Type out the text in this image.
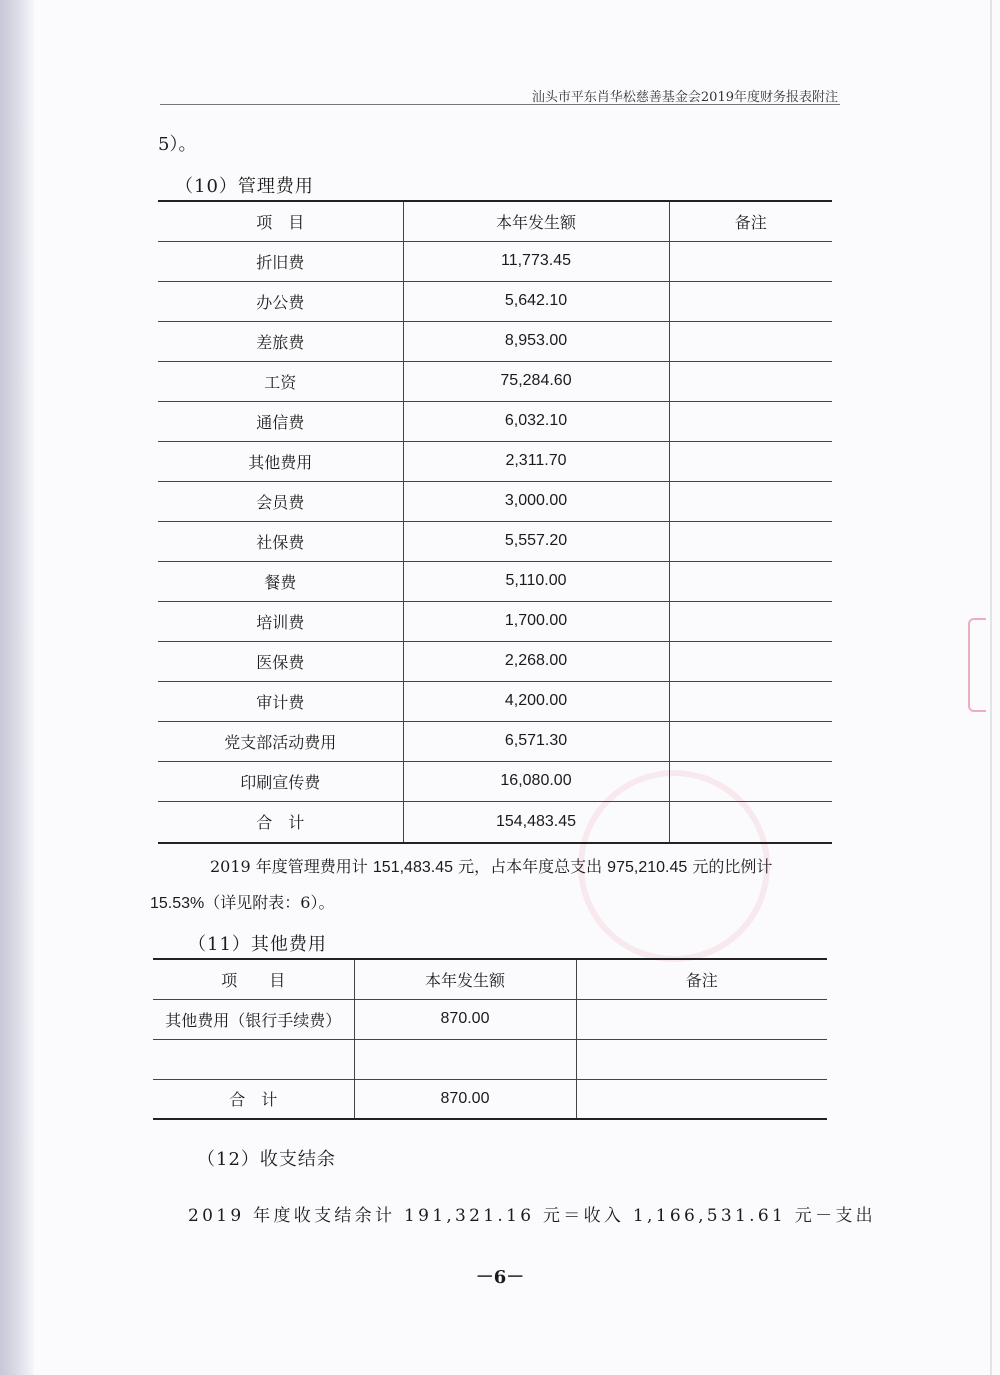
汕头市平东肖华松慈善基金会2019年度财务报表附注
5）。
（10）管理费用
项　目	本年发生额	备注
折旧费	11,773.45	
办公费	5,642.10	
差旅费	8,953.00	
工资	75,284.60	
通信费	6,032.10	
其他费用	2,311.70	
会员费	3,000.00	
社保费	5,557.20	
餐费	5,110.00	
培训费	1,700.00	
医保费	2,268.00	
审计费	4,200.00	
党支部活动费用	6,571.30	
印刷宣传费	16,080.00	
合　计	154,483.45	
2019 年度管理费用计 151,483.45 元，占本年度总支出 975,210.45 元的比例计
15.53%（详见附表：6）。
（11）其他费用
项　　目	本年发生额	备注
其他费用（银行手续费）	870.00	

合　计	870.00	
（12）收支结余
2019 年度收支结余计 191,321.16 元＝收入 1,166,531.61 元－支出
－6－
